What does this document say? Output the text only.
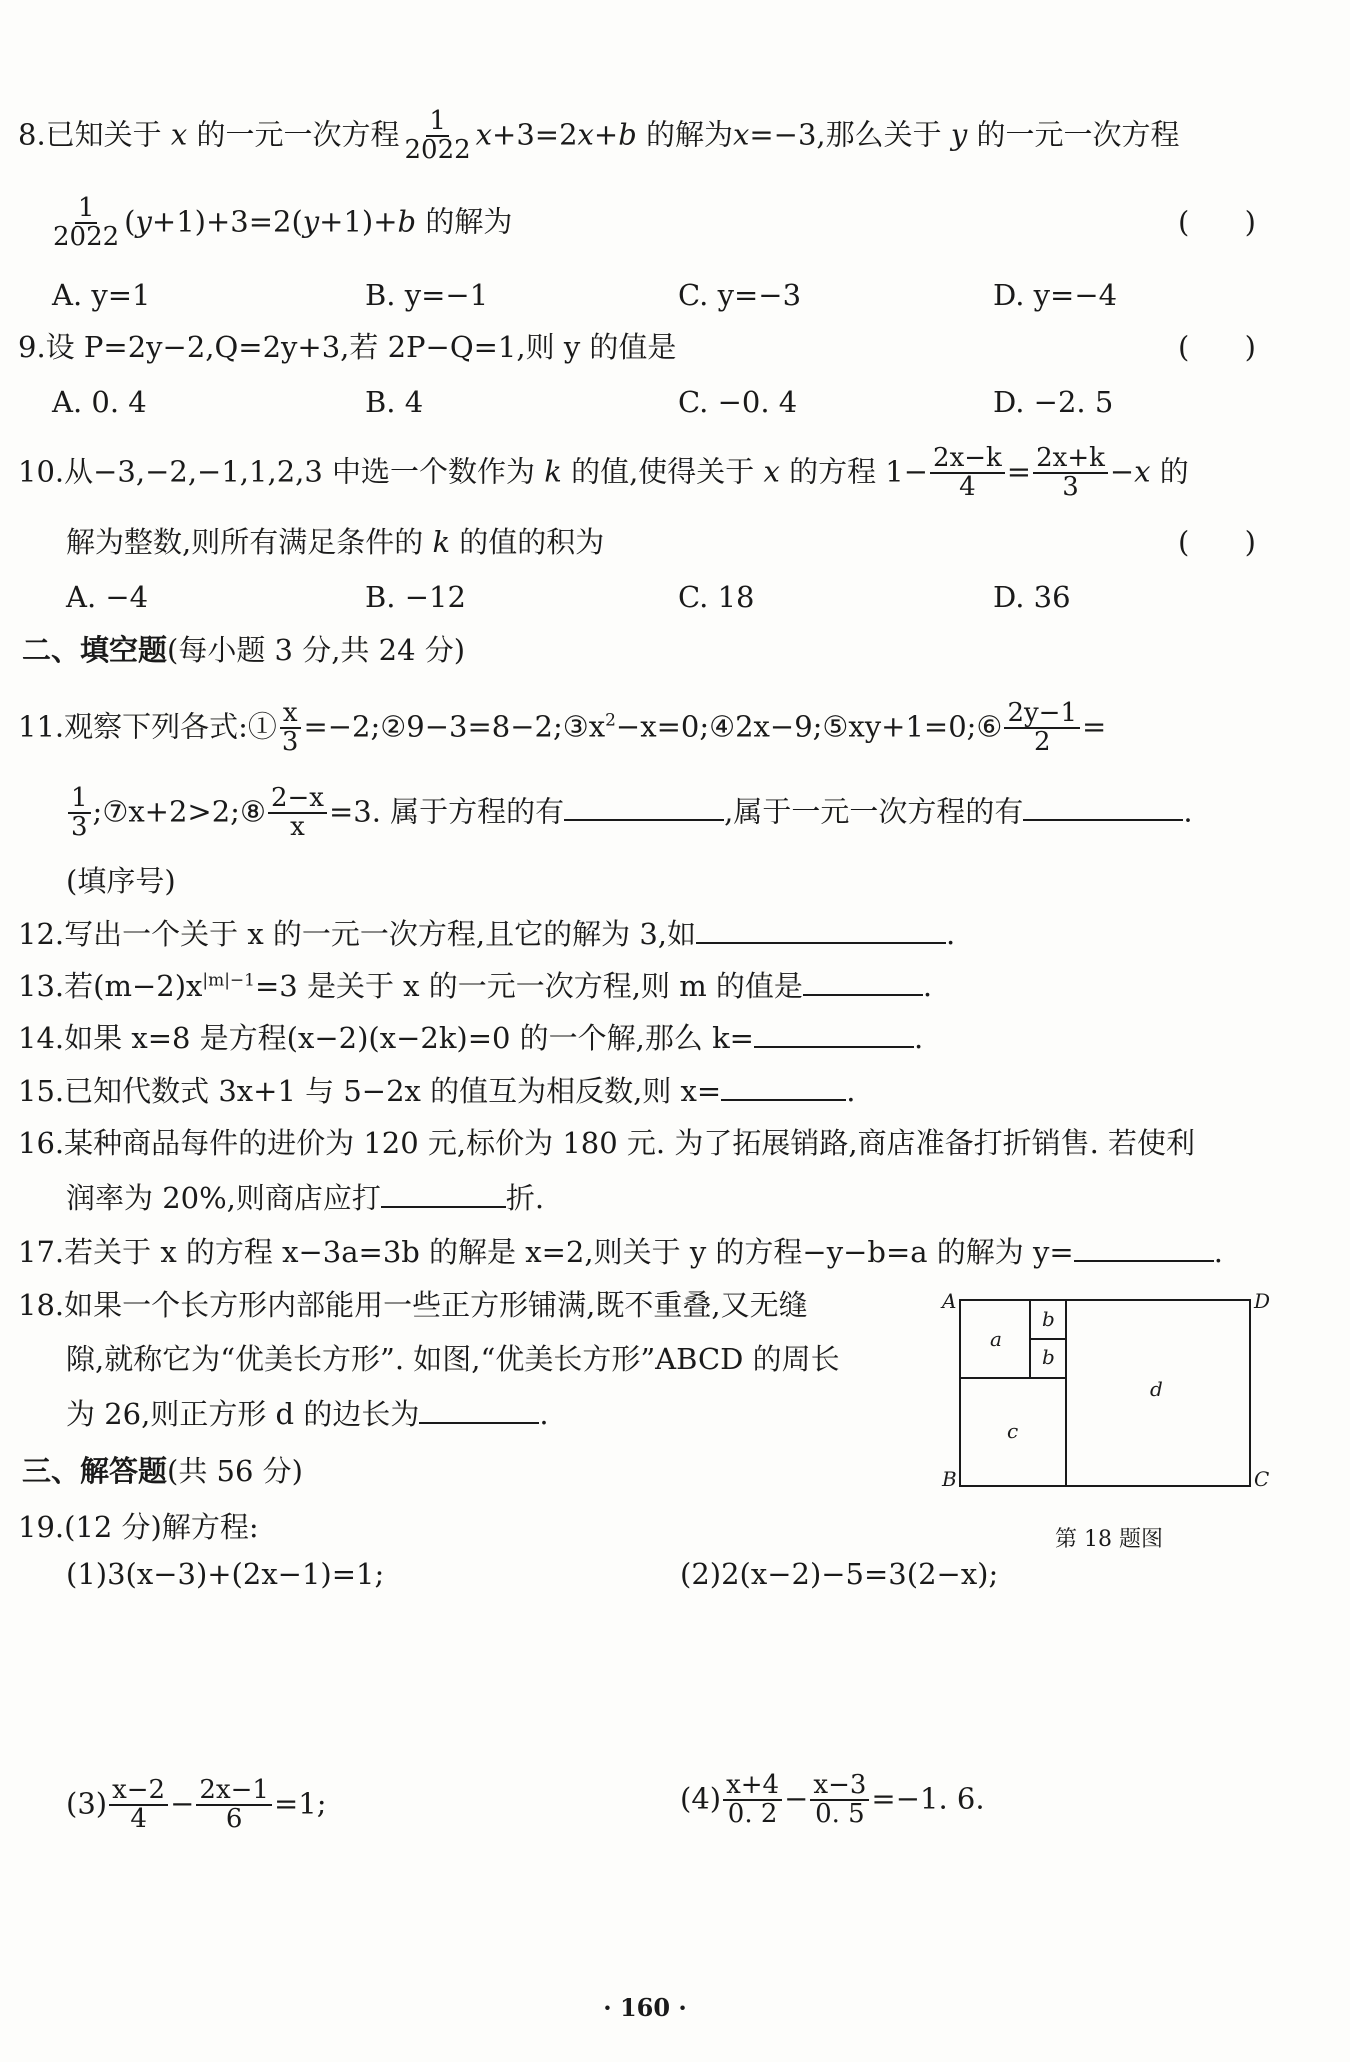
8.已知关于 x 的一元一次方程 $\frac{1}{2022} x+3=2x+b$ 的解为x=−3,那么关于 y 的一元一次方程
$\frac{1}{2022} (y+1)+3=2(y+1)+b$ 的解为	(      )
A. y=1	B. y=−1	C. y=−3	D. y=−4
9.设 P=2y−2,Q=2y+3,若 2P−Q=1,则 y 的值是	(      )
A. 0. 4	B. 4	C. −0. 4	D. −2. 5
10.从−3,−2,−1,1,2,3 中选一个数作为 k 的值,使得关于 x 的方程 $1- \frac{2x-k}{4} = \frac{2x+k}{3} -x$ 的
解为整数,则所有满足条件的 k 的值的积为	(      )
A. −4	B. −12	C. 18	D. 36
二、填空题(每小题 3 分,共 24 分)
11.观察下列各式:① $\frac{x}{3}$ $=-2;②9-3=8-2;③x^2-x=0;④2x-9;⑤xy+1=0;⑥ \frac{2y-1}{2}$ =
$\frac{1}{3}$ ;⑦x+2>2;⑧ $\frac{2-x}{x} =3$. 属于方程的有	,属于一元一次方程的有	.
(填序号)
12.写出一个关于 x 的一元一次方程,且它的解为 3,如	.
13.若$(m-2)x^{|m|-1}=3$ 是关于 x 的一元一次方程,则 m 的值是	.
14.如果 x=8 是方程(x−2)(x−2k)=0 的一个解,那么 k=	.
15.已知代数式 3x+1 与 5−2x 的值互为相反数,则 x=	.
16.某种商品每件的进价为 120 元,标价为 180 元. 为了拓展销路,商店准备打折销售. 若使利
润率为 20%,则商店应打	折.
17.若关于 x 的方程 x−3a=3b 的解是 x=2,则关于 y 的方程−y−b=a 的解为 y=	.
18.如果一个长方形内部能用一些正方形铺满,既不重叠,又无缝
隙,就称它为“优美长方形”. 如图,“优美长方形”ABCD 的周长
为 26,则正方形 d 的边长为	.
A	D
B	C
a
b
b
c
d
第 18 题图
三、解答题(共 56 分)
19.(12 分)解方程:
(1)3(x−3)+(2x−1)=1;	(2)2(x−2)−5=3(2−x);
$(3) \frac{x-2}{4} - \frac{2x-1}{6} =1$;	$(4) \frac{x+4}{0. 2} - \frac{x-3}{0. 5} =-1$. 6.
· 160 ·
